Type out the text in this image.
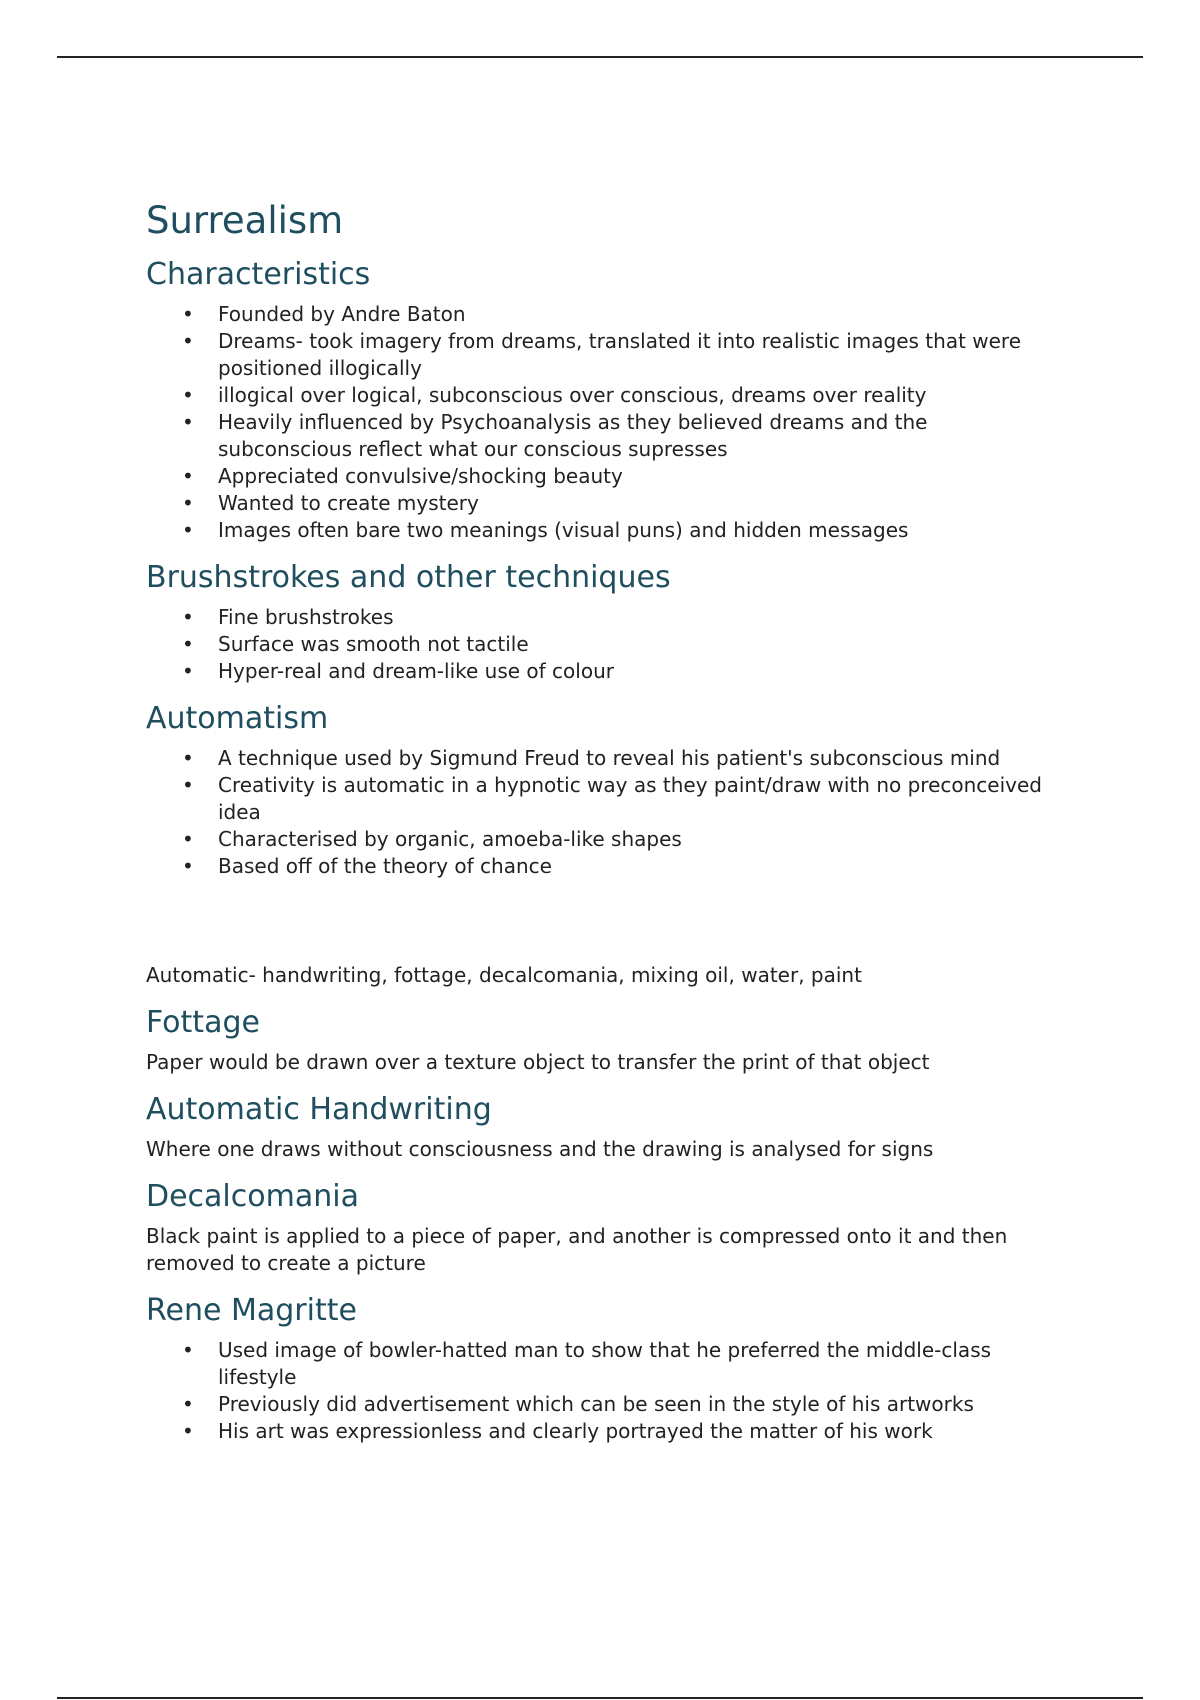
Surrealism
Characteristics
• Founded by Andre Baton
• Dreams- took imagery from dreams, translated it into realistic images that were positioned illogically
• illogical over logical, subconscious over conscious, dreams over reality
• Heavily influenced by Psychoanalysis as they believed dreams and the subconscious reflect what our conscious supresses
• Appreciated convulsive/shocking beauty
• Wanted to create mystery
• Images often bare two meanings (visual puns) and hidden messages
Brushstrokes and other techniques
• Fine brushstrokes
• Surface was smooth not tactile
• Hyper-real and dream-like use of colour
Automatism
• A technique used by Sigmund Freud to reveal his patient's subconscious mind
• Creativity is automatic in a hypnotic way as they paint/draw with no preconceived idea
• Characterised by organic, amoeba-like shapes
• Based off of the theory of chance

Automatic- handwriting, fottage, decalcomania, mixing oil, water, paint

Fottage

Paper would be drawn over a texture object to transfer the print of that object

Automatic Handwriting

Where one draws without consciousness and the drawing is analysed for signs

Decalcomania

Black paint is applied to a piece of paper, and another is compressed onto it and then removed to create a picture

Rene Magritte
• Used image of bowler-hatted man to show that he preferred the middle-class lifestyle
• Previously did advertisement which can be seen in the style of his artworks
• His art was expressionless and clearly portrayed the matter of his work
